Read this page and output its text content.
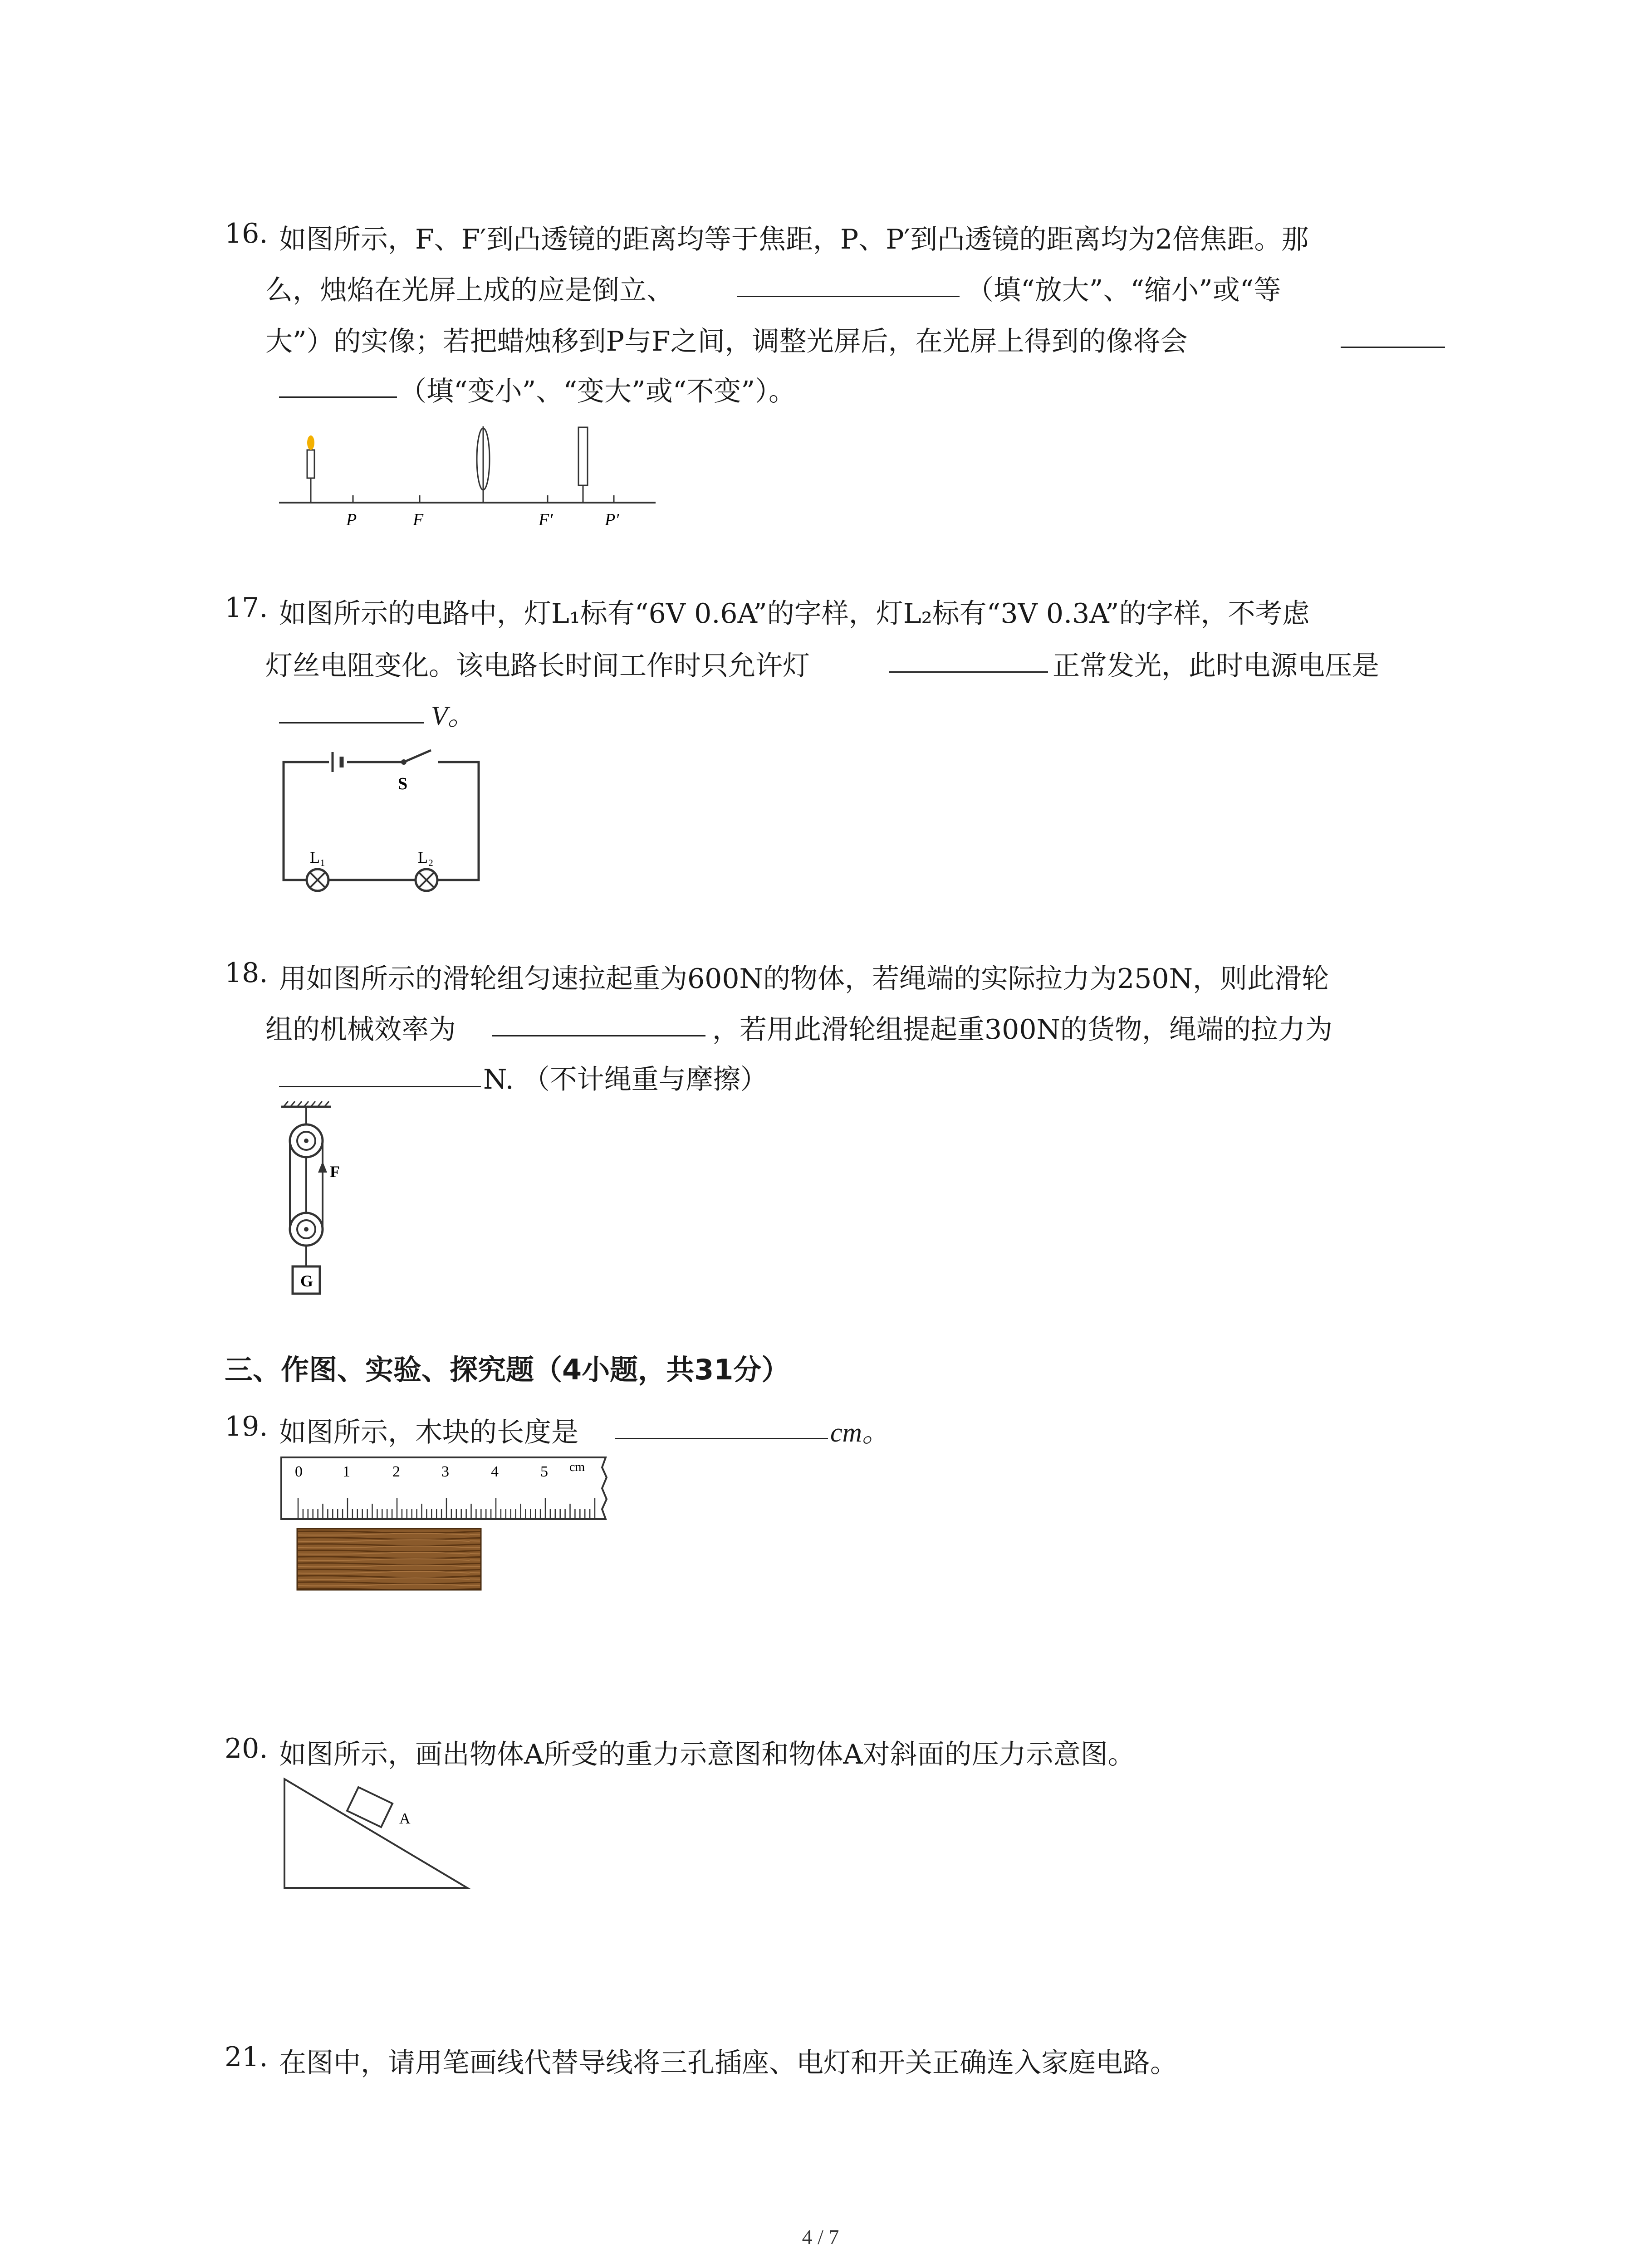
16. 如图所示，F、F′到凸透镜的距离均等于焦距，P、P′到凸透镜的距离均为2倍焦距。那
么，烛焰在光屏上成的应是倒立、	（填“放大”、“缩小”或“等
大”）的实像；若把蜡烛移到P与F之间，调整光屏后，在光屏上得到的像将会
（填“变小”、“变大”或“不变”）。
P	F	F′	P′
17. 如图所示的电路中，灯L₁标有“6V 0.6A”的字样，灯L₂标有“3V 0.3A”的字样，不考虑
灯丝电阻变化。该电路长时间工作时只允许灯	正常发光，此时电源电压是
V。
S
L₁	L₂
18. 用如图所示的滑轮组匀速拉起重为600N的物体，若绳端的实际拉力为250N，则此滑轮
组的机械效率为	，若用此滑轮组提起重300N的货物，绳端的拉力为
N. （不计绳重与摩擦）
F
G
三、作图、实验、探究题（4小题，共31分）
19. 如图所示，木块的长度是	cm。
0	1	2	3	4	5 cm
20. 如图所示，画出物体A所受的重力示意图和物体A对斜面的压力示意图。
A
21. 在图中，请用笔画线代替导线将三孔插座、电灯和开关正确连入家庭电路。
4 / 7
